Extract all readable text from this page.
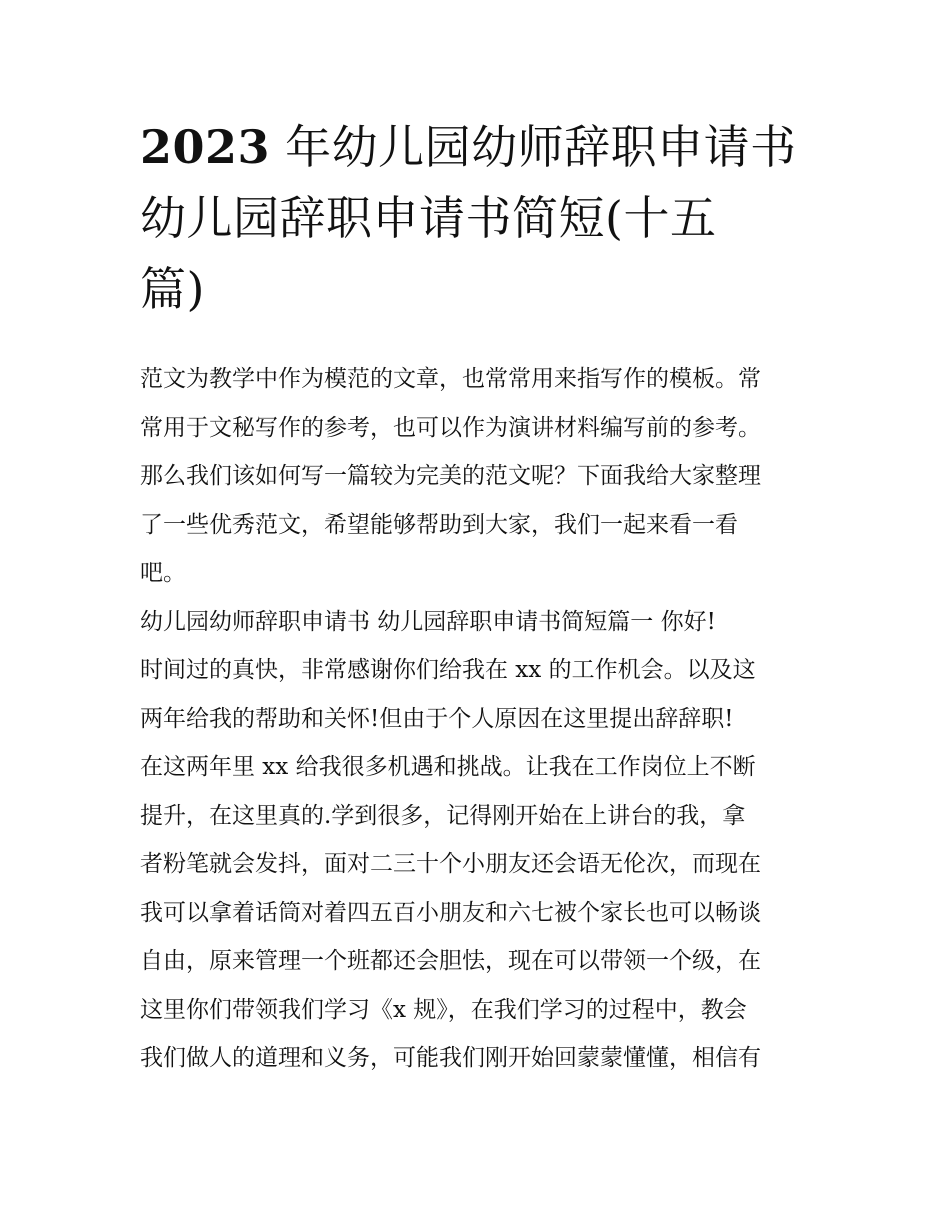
2023 年幼儿园幼师辞职申请书
幼儿园辞职申请书简短(十五
篇)
范文为教学中作为模范的文章，也常常用来指写作的模板。常
常用于文秘写作的参考，也可以作为演讲材料编写前的参考。
那么我们该如何写一篇较为完美的范文呢？下面我给大家整理
了一些优秀范文，希望能够帮助到大家，我们一起来看一看
吧。
幼儿园幼师辞职申请书 幼儿园辞职申请书简短篇一 你好!
时间过的真快，非常感谢你们给我在 xx 的工作机会。以及这
两年给我的帮助和关怀!但由于个人原因在这里提出辞辞职!
在这两年里 xx 给我很多机遇和挑战。让我在工作岗位上不断
提升，在这里真的.学到很多，记得刚开始在上讲台的我，拿
者粉笔就会发抖，面对二三十个小朋友还会语无伦次，而现在
我可以拿着话筒对着四五百小朋友和六七被个家长也可以畅谈
自由，原来管理一个班都还会胆怯，现在可以带领一个级，在
这里你们带领我们学习《x 规》，在我们学习的过程中，教会
我们做人的道理和义务，可能我们刚开始回蒙蒙懂懂，相信有
